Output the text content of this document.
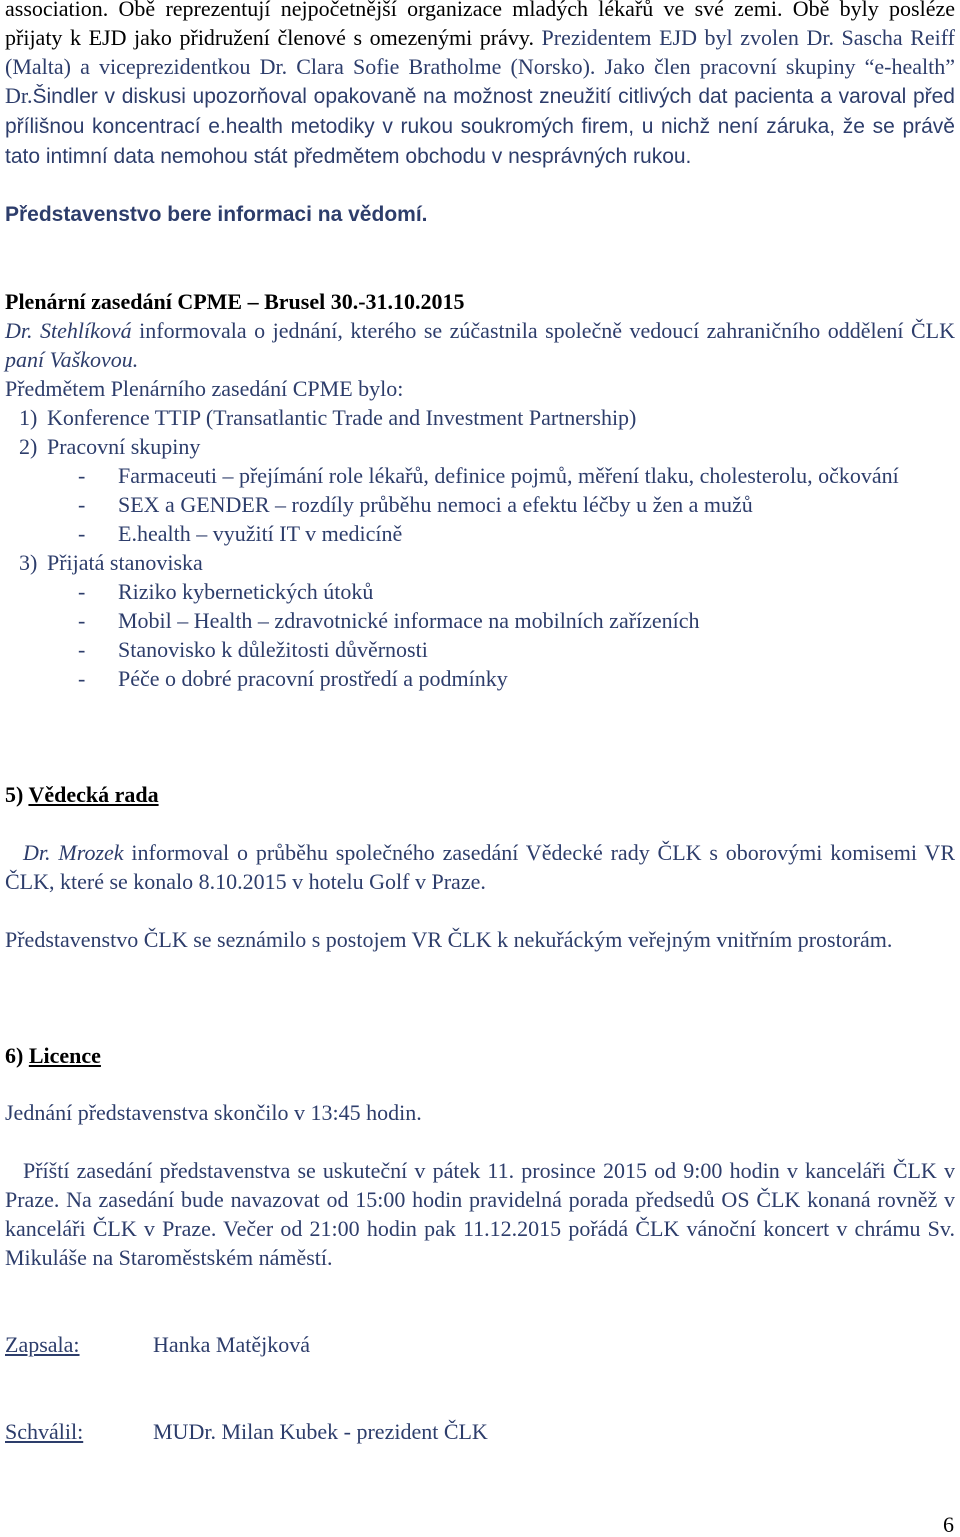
association. Obě reprezentují nejpočetnější organizace mladých lékařů ve své zemi. Obě byly posléze přijaty k EJD jako přidružení členové s omezenými právy. Prezidentem EJD byl zvolen Dr. Sascha Reiff (Malta) a viceprezidentkou Dr. Clara Sofie Bratholme (Norsko). Jako člen pracovní skupiny “e-health” Dr.Šindler v diskusi upozorňoval opakovaně na možnost zneužití citlivých dat pacienta a varoval před přílišnou koncentrací e.health metodiky v rukou soukromých firem, u nichž není záruka, že se právě tato intimní data nemohou stát předmětem obchodu v nesprávných rukou.

Představenstvo bere informaci na vědomí.

Plenární zasedání CPME – Brusel 30.-31.10.2015

Dr. Stehlíková informovala o jednání, kterého se zúčastnila společně vedoucí zahraničního oddělení ČLK paní Vaškovou.

Předmětem Plenárního zasedání CPME bylo:

1) Konference TTIP (Transatlantic Trade and Investment Partnership)
2) Pracovní skupiny
-	Farmaceuti – přejímání role lékařů, definice pojmů, měření tlaku, cholesterolu, očkování
-	SEX a GENDER – rozdíly průběhu nemoci a efektu léčby u žen a mužů
-	E.health – využití IT v medicíně
3) Přijatá stanoviska
-	Riziko kybernetických útoků
-	Mobil – Health – zdravotnické informace na mobilních zařízeních
-	Stanovisko k důležitosti důvěrnosti
-	Péče o dobré pracovní prostředí a podmínky

5) Vědecká rada

Dr. Mrozek informoval o průběhu společného zasedání Vědecké rady ČLK s oborovými komisemi VR ČLK, které se konalo 8.10.2015 v hotelu Golf v Praze.

Představenstvo ČLK se seznámilo s postojem VR ČLK k nekuřáckým veřejným vnitřním prostorám.

6) Licence

Jednání představenstva skončilo v 13:45 hodin.

Příští zasedání představenstva se uskuteční v pátek 11. prosince 2015 od 9:00 hodin v kanceláři ČLK v Praze. Na zasedání bude navazovat od 15:00 hodin pravidelná porada předsedů OS ČLK konaná rovněž v kanceláři ČLK v Praze. Večer od 21:00 hodin pak 11.12.2015 pořádá ČLK vánoční koncert v chrámu Sv. Mikuláše na Staroměstském náměstí.

Zapsala:	Hanka Matějková
Schválil:	MUDr. Milan Kubek - prezident ČLK
6
